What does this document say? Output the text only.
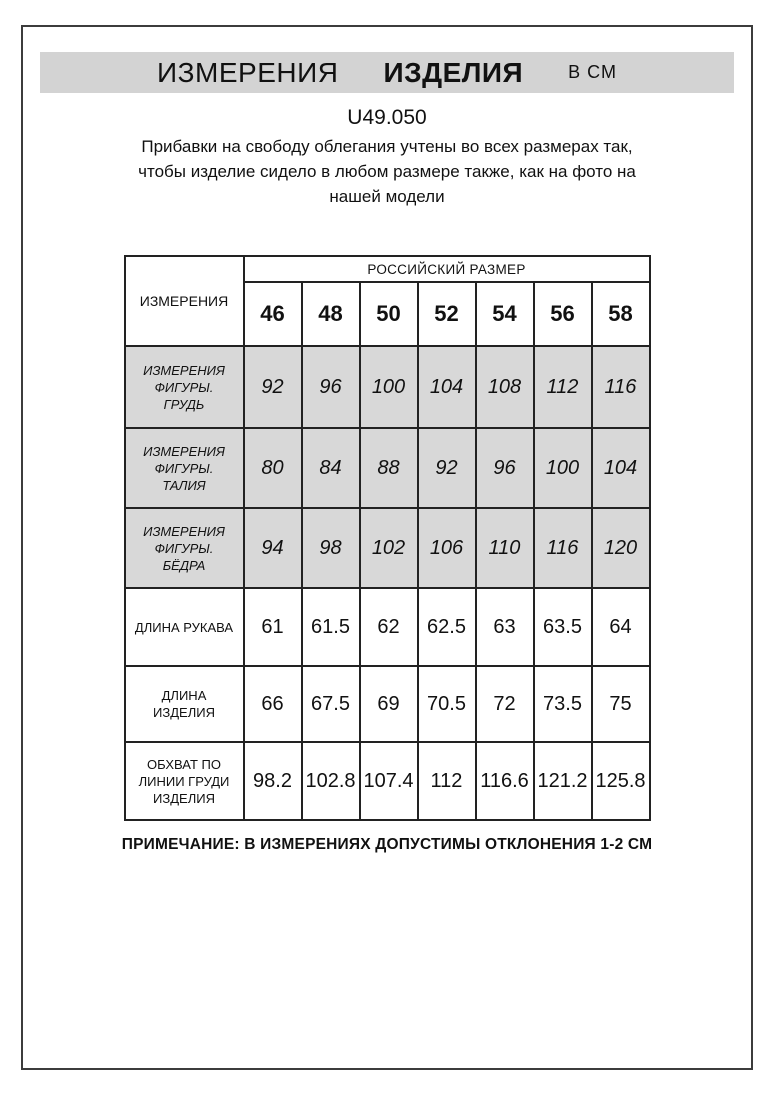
ИЗМЕРЕНИЯ ИЗДЕЛИЯ	В СМ
U49.050
Прибавки на свободу облегания учтены во всех размерах так,
чтобы изделие сидело в любом размере также, как на фото на
нашей модели
ИЗМЕРЕНИЯ	РОССИЙСКИЙ РАЗМЕР						
	46	48	50	52	54	56	58
ИЗМЕРЕНИЯ ФИГУРЫ. ГРУДЬ	92	96	100	104	108	112	116
ИЗМЕРЕНИЯ ФИГУРЫ. ТАЛИЯ	80	84	88	92	96	100	104
ИЗМЕРЕНИЯ ФИГУРЫ. БЁДРА	94	98	102	106	110	116	120
ДЛИНА РУКАВА	61	61.5	62	62.5	63	63.5	64
ДЛИНА ИЗДЕЛИЯ	66	67.5	69	70.5	72	73.5	75
ОБХВАТ ПО ЛИНИИ ГРУДИ ИЗДЕЛИЯ	98.2	102.8	107.4	112	116.6	121.2	125.8
ПРИМЕЧАНИЕ: В ИЗМЕРЕНИЯХ ДОПУСТИМЫ ОТКЛОНЕНИЯ 1-2 СМ
